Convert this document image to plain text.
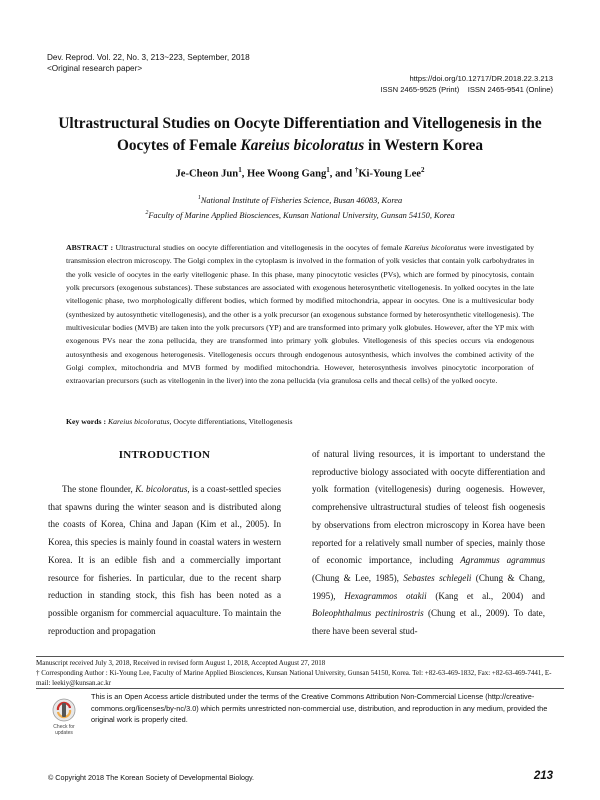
Dev. Reprod. Vol. 22, No. 3, 213~223, September, 2018
<Original research paper>
https://doi.org/10.12717/DR.2018.22.3.213
ISSN 2465-9525 (Print)    ISSN 2465-9541 (Online)
Ultrastructural Studies on Oocyte Differentiation and Vitellogenesis in the
Oocytes of Female Kareius bicoloratus in Western Korea
Je-Cheon Jun$^1$, Hee Woong Gang$^1$, and †Ki-Young Lee$^2$
$^1$National Institute of Fisheries Science, Busan 46083, Korea
$^2$Faculty of Marine Applied Biosciences, Kunsan National University, Gunsan 54150, Korea
ABSTRACT : Ultrastructural studies on oocyte differentiation and vitellogenesis in the oocytes of female Kareius bicoloratus were investigated by transmission electron microscopy. The Golgi complex in the cytoplasm is involved in the formation of yolk vesicles that contain yolk carbohydrates in the yolk vesicle of oocytes in the early vitellogenic phase. In this phase, many pinocytotic vesicles (PVs), which are formed by pinocytosis, contain yolk precursors (exogenous substances). These substances are associated with exogenous heterosynthetic vitellogenesis. In yolked oocytes in the late vitellogenic phase, two morphologically different bodies, which formed by modified mitochondria, appear in oocytes. One is a multivesicular body (synthesized by autosynthetic vitellogenesis), and the other is a yolk precursor (an exogenous substance formed by heterosynthetic vitellogenesis). The multivesicular bodies (MVB) are taken into the yolk precursors (YP) and are transformed into primary yolk globules. However, after the YP mix with exogenous PVs near the zona pellucida, they are transformed into primary yolk globules. Vitellogenesis of this species occurs via endogenous autosynthesis and exogenous heterogenesis. Vitellogenesis occurs through endogenous autosynthesis, which involves the combined activity of the Golgi complex, mitochondria and MVB formed by modified mitochondria. However, heterosynthesis involves pinocytotic incorporation of extraovarian precursors (such as vitellogenin in the liver) into the zona pellucida (via granulosa cells and thecal cells) of the yolked oocyte.
Key words : Kareius bicoloratus, Oocyte differentiations, Vitellogenesis
INTRODUCTION

The stone flounder, K. bicoloratus, is a coast-settled species that spawns during the winter season and is distributed along the coasts of Korea, China and Japan (Kim et al., 2005). In Korea, this species is mainly found in coastal waters in western Korea. It is an edible fish and a commercially important resource for fisheries. In particular, due to the recent sharp reduction in standing stock, this fish has been noted as a possible organism for commercial aquaculture. To maintain the reproduction and propagation

of natural living resources, it is important to understand the reproductive biology associated with oocyte differentiation and yolk formation (vitellogenesis) during oogenesis. However, comprehensive ultrastructural studies of teleost fish oogenesis by observations from electron microscopy in Korea have been reported for a relatively small number of species, mainly those of economic importance, including Agrammus agrammus (Chung & Lee, 1985), Sebastes schlegeli (Chung & Chang, 1995), Hexagrammos otakii (Kang et al., 2004) and Boleophthalmus pectinirostris (Chung et al., 2009). To date, there have been several stud-

Manuscript received July 3, 2018, Received in revised form August 1, 2018, Accepted August 27, 2018
† Corresponding Author : Ki-Young Lee, Faculty of Marine Applied Biosciences, Kunsan National University, Gunsan 54150, Korea. Tel: +82-63-469-1832, Fax: +82-63-469-7441, E-mail: leekiy@kunsan.ac.kr
Check for
updates
This is an Open Access article distributed under the terms of the Creative Commons Attribution Non-Commercial License (http://creative-commons.org/licenses/by-nc/3.0) which permits unrestricted non-commercial use, distribution, and reproduction in any medium, provided the original work is properly cited.
© Copyright 2018 The Korean Society of Developmental Biology.	213
